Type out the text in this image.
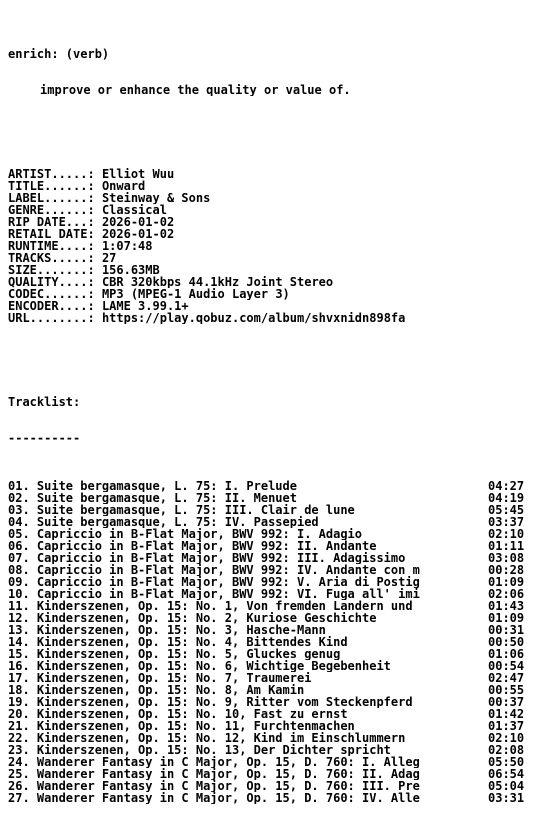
enrich: (verb)

improve or enhance the quality or value of.

ARTIST.....: Elliot Wuu
TITLE......: Onward
LABEL......: Steinway & Sons
GENRE......: Classical
RIP DATE...: 2026-01-02
RETAIL DATE: 2026-01-02
RUNTIME....: 1:07:48
TRACKS.....: 27
SIZE.......: 156.63MB
QUALITY....: CBR 320kbps 44.1kHz Joint Stereo
CODEC......: MP3 (MPEG-1 Audio Layer 3)
ENCODER....: LAME 3.99.1+
URL........: https://play.qobuz.com/album/shvxnidn898fa

Tracklist:

----------

01. Suite bergamasque, L. 75: I. Prelude	04:27
02. Suite bergamasque, L. 75: II. Menuet	04:19
03. Suite bergamasque, L. 75: III. Clair de lune	05:45
04. Suite bergamasque, L. 75: IV. Passepied	03:37
05. Capriccio in B-Flat Major, BWV 992: I. Adagio	02:10
06. Capriccio in B-Flat Major, BWV 992: II. Andante	01:11
07. Capriccio in B-Flat Major, BWV 992: III. Adagissimo	03:08
08. Capriccio in B-Flat Major, BWV 992: IV. Andante con m	00:28
09. Capriccio in B-Flat Major, BWV 992: V. Aria di Postig	01:09
10. Capriccio in B-Flat Major, BWV 992: VI. Fuga all' imi	02:06
11. Kinderszenen, Op. 15: No. 1, Von fremden Landern und	01:43
12. Kinderszenen, Op. 15: No. 2, Kuriose Geschichte	01:09
13. Kinderszenen, Op. 15: No. 3, Hasche-Mann	00:31
14. Kinderszenen, Op. 15: No. 4, Bittendes Kind	00:50
15. Kinderszenen, Op. 15: No. 5, Gluckes genug	01:06
16. Kinderszenen, Op. 15: No. 6, Wichtige Begebenheit	00:54
17. Kinderszenen, Op. 15: No. 7, Traumerei	02:47
18. Kinderszenen, Op. 15: No. 8, Am Kamin	00:55
19. Kinderszenen, Op. 15: No. 9, Ritter vom Steckenpferd	00:37
20. Kinderszenen, Op. 15: No. 10, Fast zu ernst	01:42
21. Kinderszenen, Op. 15: No. 11, Furchtenmachen	01:37
22. Kinderszenen, Op. 15: No. 12, Kind im Einschlummern	02:10
23. Kinderszenen, Op. 15: No. 13, Der Dichter spricht	02:08
24. Wanderer Fantasy in C Major, Op. 15, D. 760: I. Alleg	05:50
25. Wanderer Fantasy in C Major, Op. 15, D. 760: II. Adag	06:54
26. Wanderer Fantasy in C Major, Op. 15, D. 760: III. Pre	05:04
27. Wanderer Fantasy in C Major, Op. 15, D. 760: IV. Alle	03:31
